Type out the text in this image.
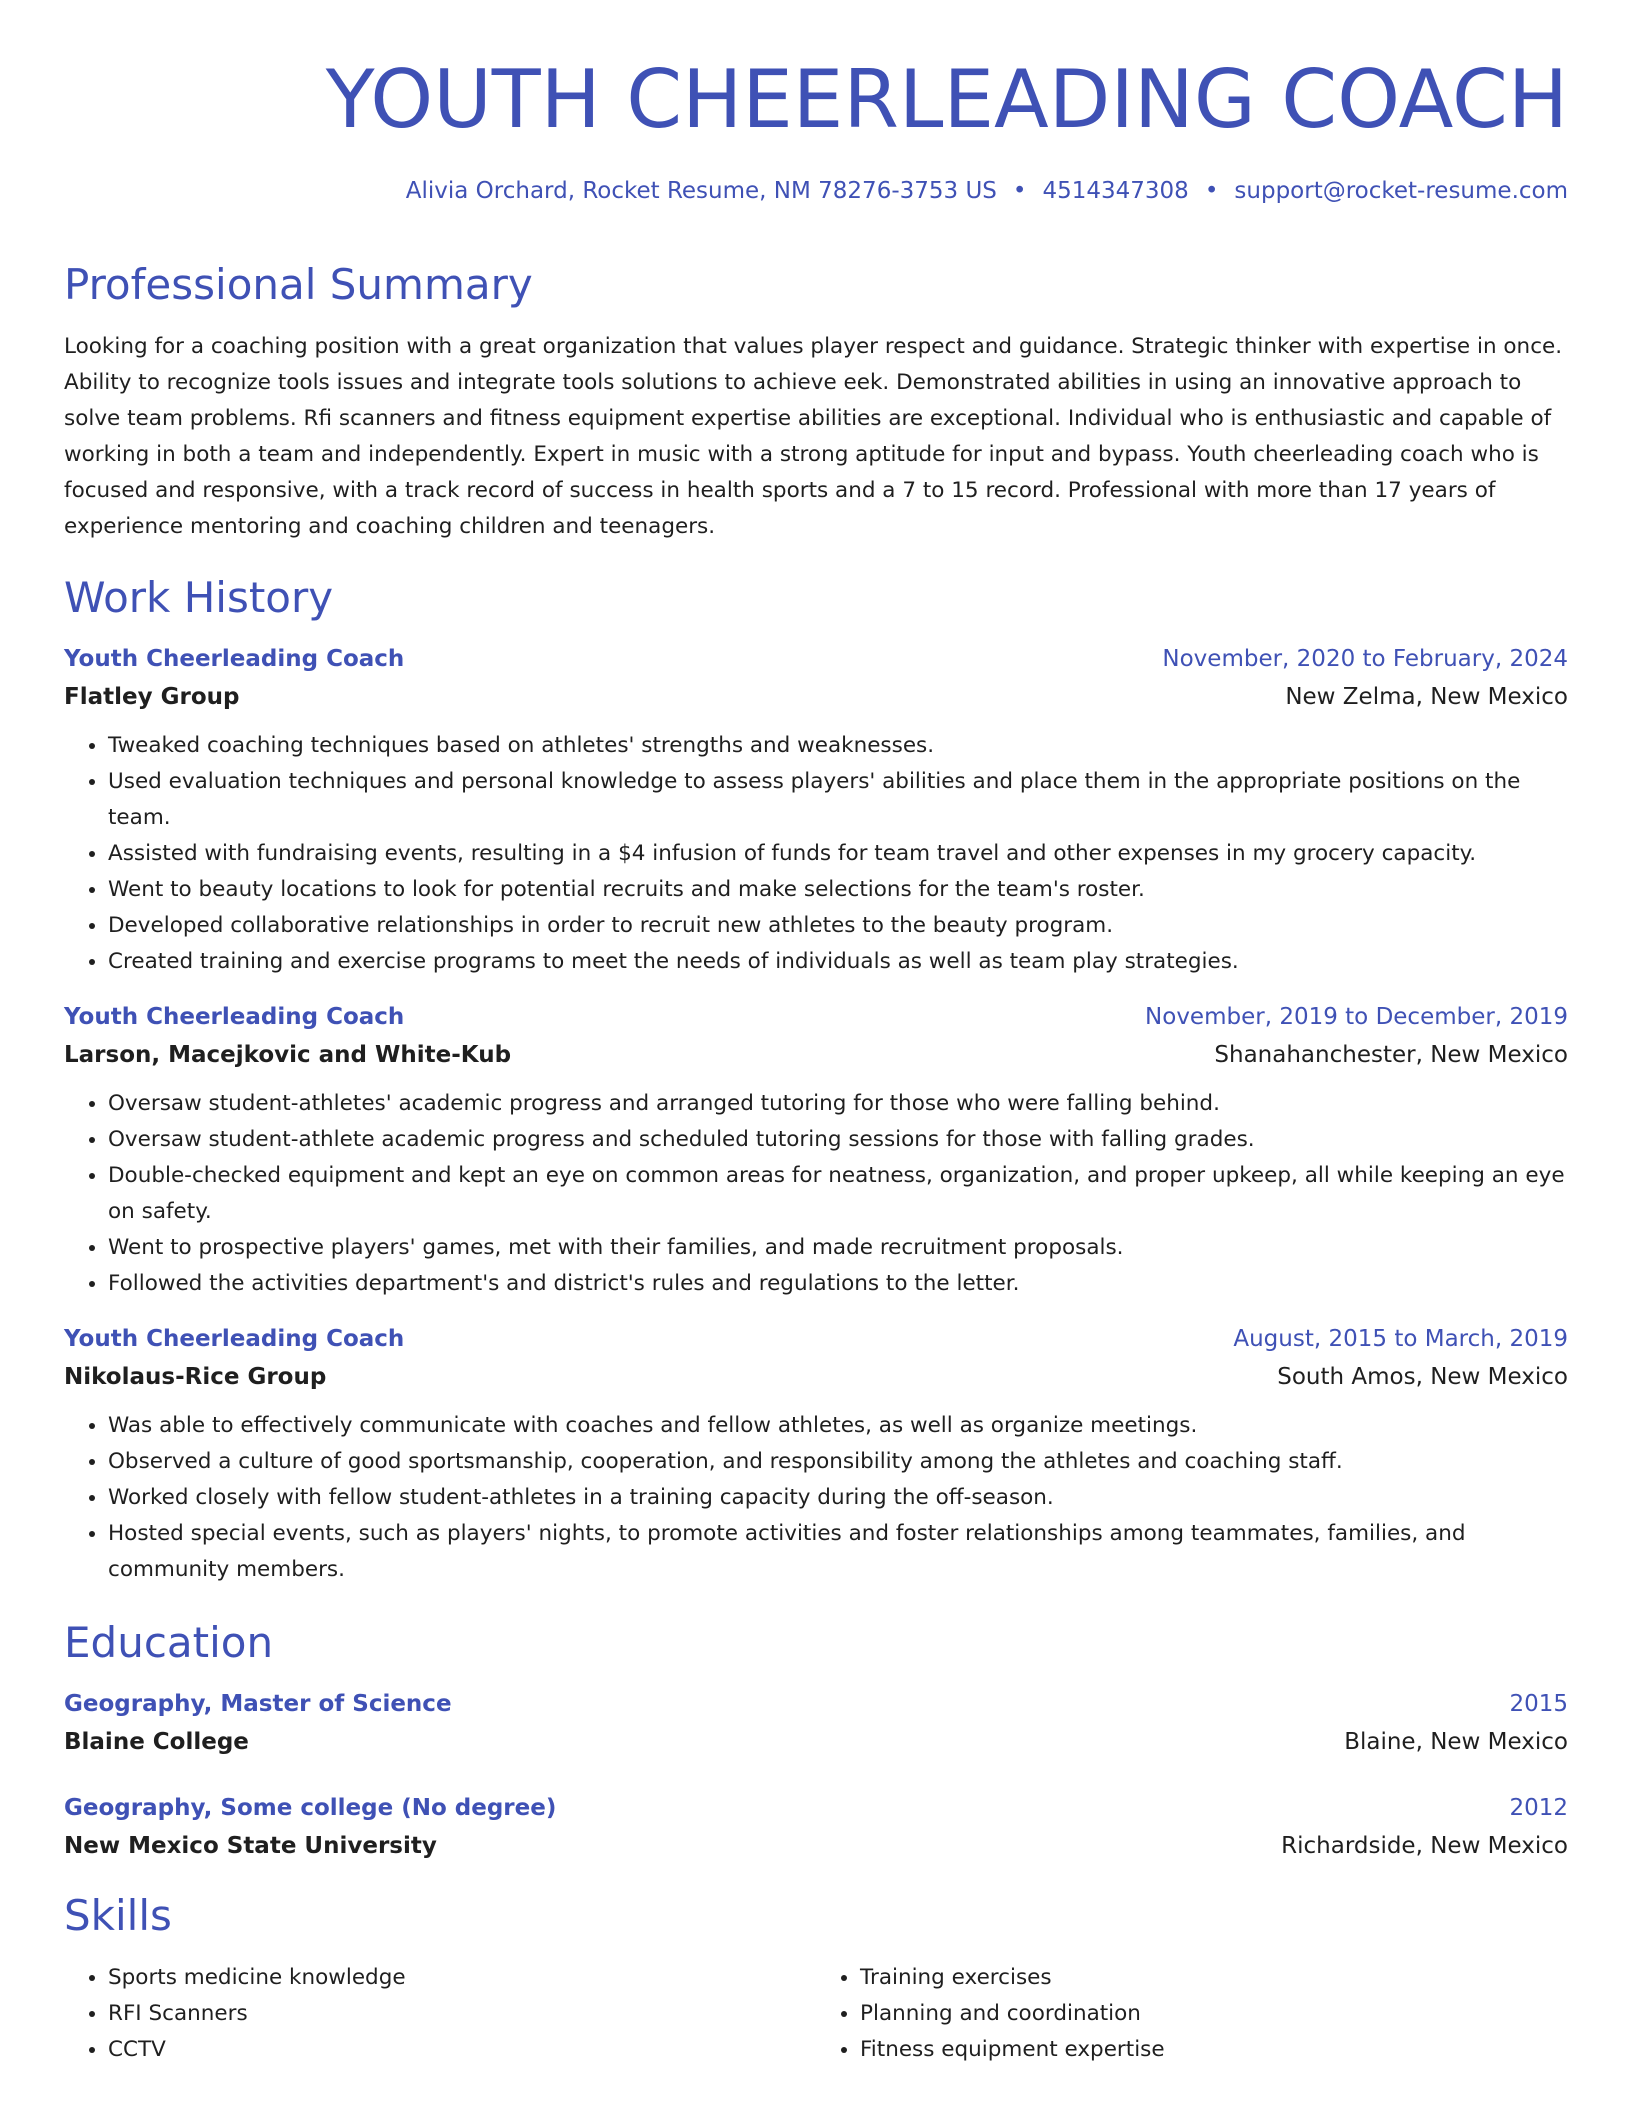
YOUTH CHEERLEADING COACH
Alivia Orchard, Rocket Resume, NM 78276-3753 US • 4514347308 • support@rocket-resume.com
Professional Summary
Looking for a coaching position with a great organization that values player respect and guidance. Strategic thinker with expertise in once. Ability to recognize tools issues and integrate tools solutions to achieve eek. Demonstrated abilities in using an innovative approach to solve team problems. Rfi scanners and fitness equipment expertise abilities are exceptional. Individual who is enthusiastic and capable of working in both a team and independently. Expert in music with a strong aptitude for input and bypass. Youth cheerleading coach who is focused and responsive, with a track record of success in health sports and a 7 to 15 record. Professional with more than 17 years of experience mentoring and coaching children and teenagers.
Work History
Youth Cheerleading Coach	November, 2020 to February, 2024
Flatley Group	New Zelma, New Mexico
• Tweaked coaching techniques based on athletes' strengths and weaknesses.
• Used evaluation techniques and personal knowledge to assess players' abilities and place them in the appropriate positions on the team.
• Assisted with fundraising events, resulting in a $4 infusion of funds for team travel and other expenses in my grocery capacity.
• Went to beauty locations to look for potential recruits and make selections for the team's roster.
• Developed collaborative relationships in order to recruit new athletes to the beauty program.
• Created training and exercise programs to meet the needs of individuals as well as team play strategies.
Youth Cheerleading Coach	November, 2019 to December, 2019
Larson, Macejkovic and White-Kub	Shanahanchester, New Mexico
• Oversaw student-athletes' academic progress and arranged tutoring for those who were falling behind.
• Oversaw student-athlete academic progress and scheduled tutoring sessions for those with falling grades.
• Double-checked equipment and kept an eye on common areas for neatness, organization, and proper upkeep, all while keeping an eye on safety.
• Went to prospective players' games, met with their families, and made recruitment proposals.
• Followed the activities department's and district's rules and regulations to the letter.
Youth Cheerleading Coach	August, 2015 to March, 2019
Nikolaus-Rice Group	South Amos, New Mexico
• Was able to effectively communicate with coaches and fellow athletes, as well as organize meetings.
• Observed a culture of good sportsmanship, cooperation, and responsibility among the athletes and coaching staff.
• Worked closely with fellow student-athletes in a training capacity during the off-season.
• Hosted special events, such as players' nights, to promote activities and foster relationships among teammates, families, and community members.
Education
Geography, Master of Science	2015
Blaine College	Blaine, New Mexico
Geography, Some college (No degree)	2012
New Mexico State University	Richardside, New Mexico
Skills
• Sports medicine knowledge
• RFI Scanners
• CCTV
• Training exercises
• Planning and coordination
• Fitness equipment expertise
